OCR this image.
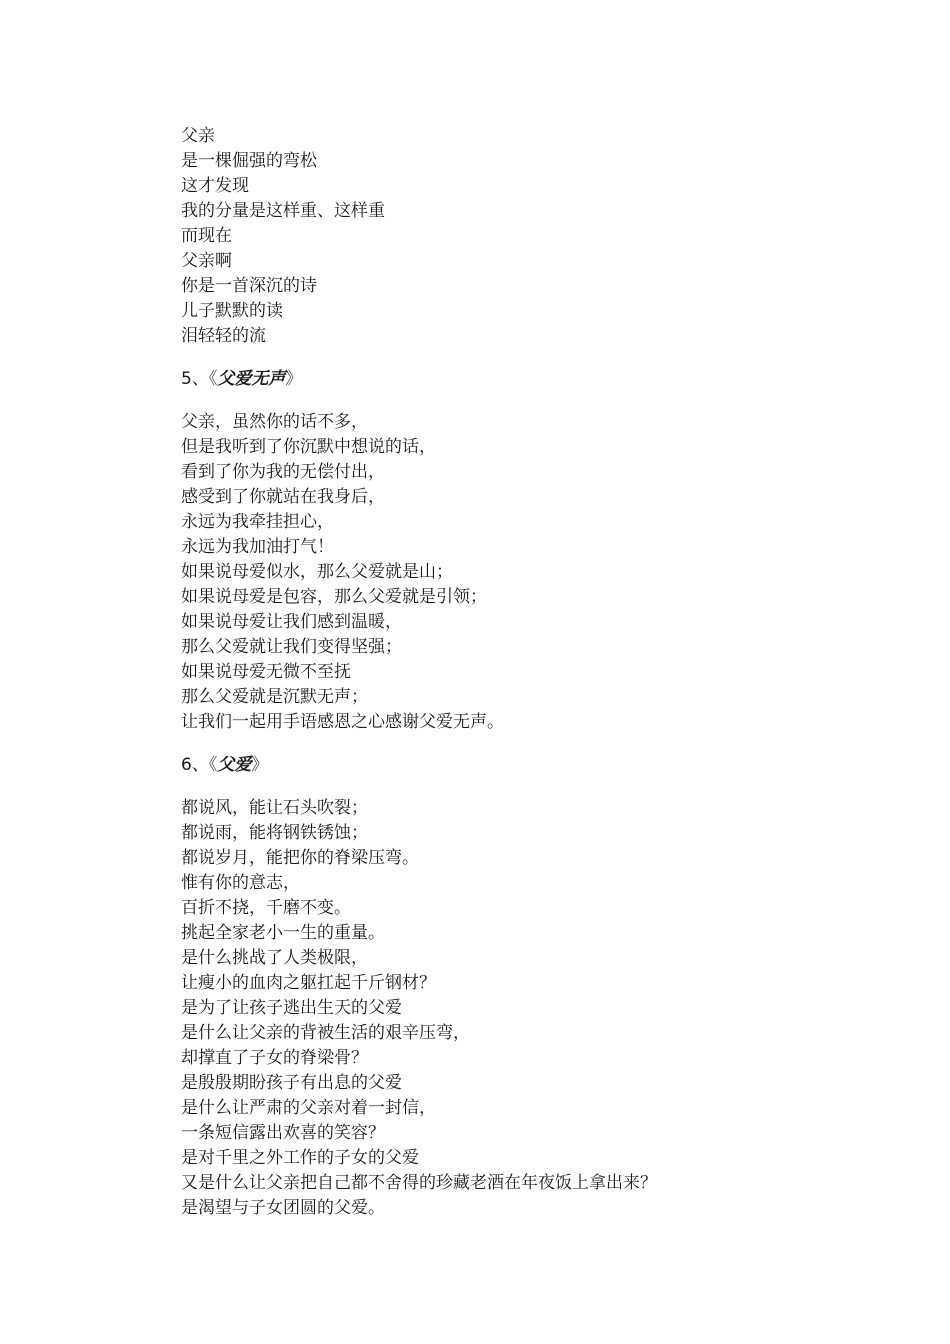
父亲
是一棵倔强的弯松
这才发现
我的分量是这样重、这样重
而现在
父亲啊
你是一首深沉的诗
儿子默默的读
泪轻轻的流
5、《父爱无声》
父亲，虽然你的话不多，
但是我听到了你沉默中想说的话，
看到了你为我的无偿付出，
感受到了你就站在我身后，
永远为我牵挂担心，
永远为我加油打气！
如果说母爱似水，那么父爱就是山；
如果说母爱是包容，那么父爱就是引领；
如果说母爱让我们感到温暖，
那么父爱就让我们变得坚强；
如果说母爱无微不至抚
那么父爱就是沉默无声；
让我们一起用手语感恩之心感谢父爱无声。
6、《父爱》
都说风，能让石头吹裂；
都说雨，能将钢铁锈蚀；
都说岁月，能把你的脊梁压弯。
惟有你的意志，
百折不挠，千磨不变。
挑起全家老小一生的重量。
是什么挑战了人类极限，
让瘦小的血肉之躯扛起千斤钢材？
是为了让孩子逃出生天的父爱
是什么让父亲的背被生活的艰辛压弯，
却撑直了子女的脊梁骨？
是殷殷期盼孩子有出息的父爱
是什么让严肃的父亲对着一封信，
一条短信露出欢喜的笑容？
是对千里之外工作的子女的父爱
又是什么让父亲把自己都不舍得的珍藏老酒在年夜饭上拿出来？
是渴望与子女团圆的父爱。
